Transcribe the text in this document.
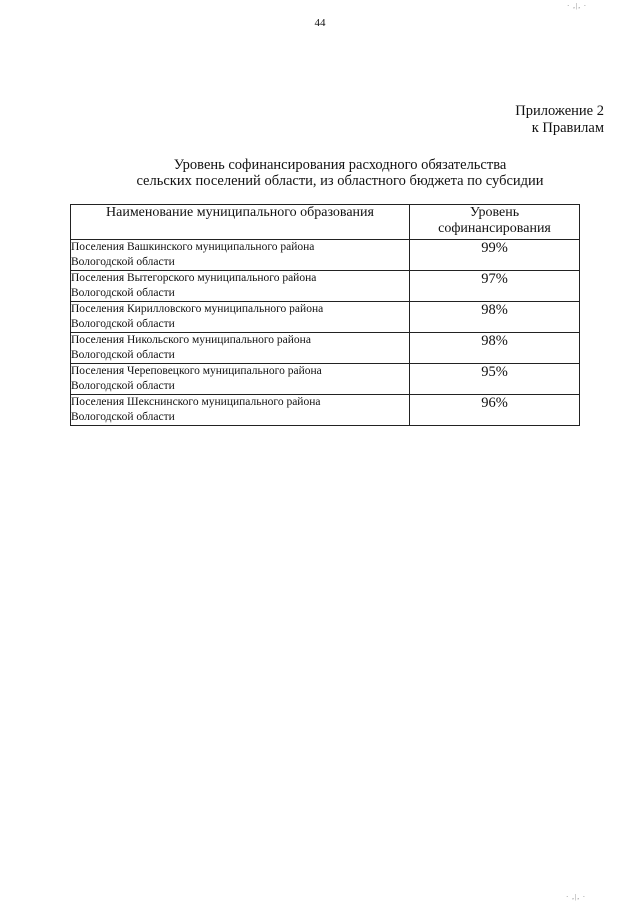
44
Приложение 2
к Правилам
Уровень софинансирования расходного обязательства
сельских поселений области, из областного бюджета по субсидии
Наименование муниципального образования	Уровень
софинансирования

Поселения Вашкинского муниципального района
Вологодской области	99%

Поселения Вытегорского муниципального района
Вологодской области	97%

Поселения Кирилловского муниципального района
Вологодской области	98%

Поселения Никольского муниципального района
Вологодской области	98%

Поселения Череповецкого муниципального района
Вологодской области	95%

Поселения Шекснинского муниципального района
Вологодской области	96%
· ,|, ·
· ,|, ·
